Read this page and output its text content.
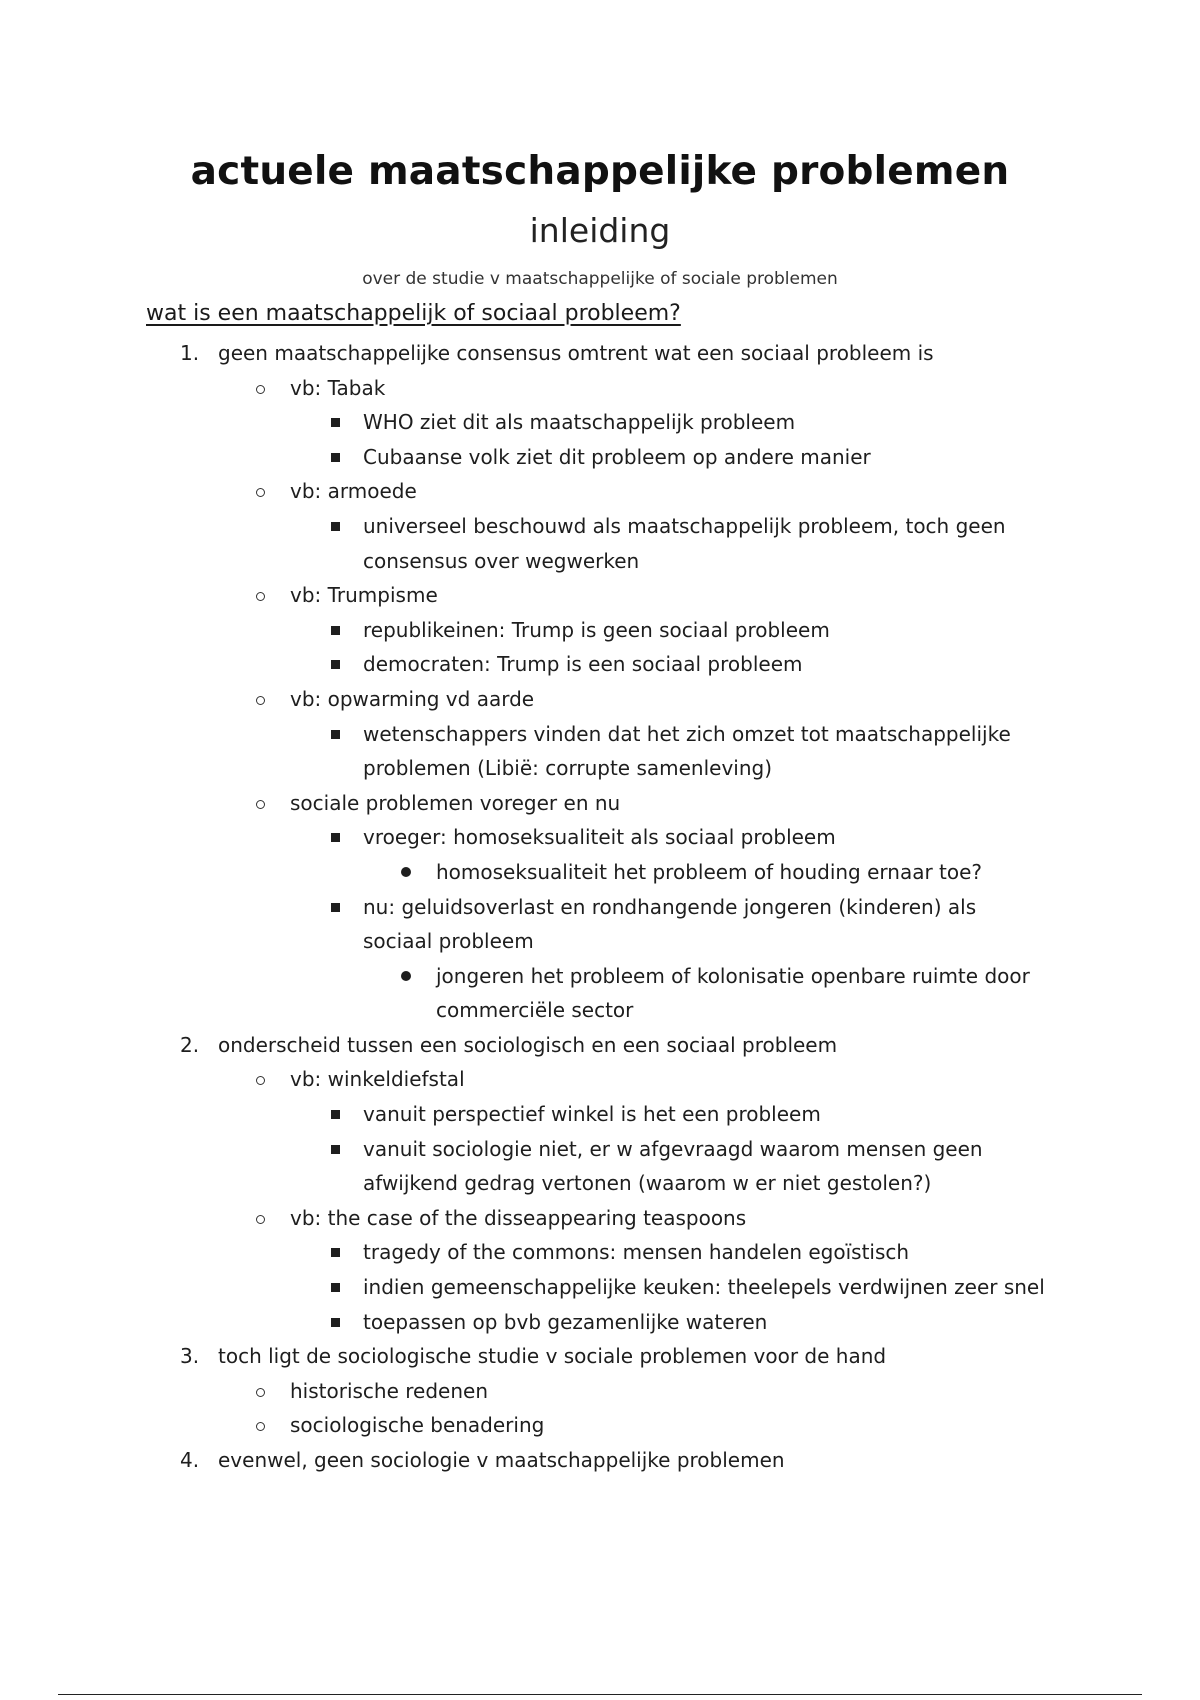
actuele maatschappelijke problemen
inleiding
over de studie v maatschappelijke of sociale problemen
wat is een maatschappelijk of sociaal probleem?
1. geen maatschappelijke consensus omtrent wat een sociaal probleem is
vb: Tabak
WHO ziet dit als maatschappelijk probleem
Cubaanse volk ziet dit probleem op andere manier
vb: armoede
universeel beschouwd als maatschappelijk probleem, toch geen consensus over wegwerken
vb: Trumpisme
republikeinen: Trump is geen sociaal probleem
democraten: Trump is een sociaal probleem
vb: opwarming vd aarde
wetenschappers vinden dat het zich omzet tot maatschappelijke problemen (Libië: corrupte samenleving)
sociale problemen voreger en nu
vroeger: homoseksualiteit als sociaal probleem
homoseksualiteit het probleem of houding ernaar toe?
nu: geluidsoverlast en rondhangende jongeren (kinderen) als sociaal probleem
jongeren het probleem of kolonisatie openbare ruimte door commerciële sector
2. onderscheid tussen een sociologisch en een sociaal probleem
vb: winkeldiefstal
vanuit perspectief winkel is het een probleem
vanuit sociologie niet, er w afgevraagd waarom mensen geen afwijkend gedrag vertonen (waarom w er niet gestolen?)
vb: the case of the disseappearing teaspoons
tragedy of the commons: mensen handelen egoïstisch
indien gemeenschappelijke keuken: theelepels verdwijnen zeer snel
toepassen op bvb gezamenlijke wateren
3. toch ligt de sociologische studie v sociale problemen voor de hand
historische redenen
sociologische benadering
4. evenwel, geen sociologie v maatschappelijke problemen
